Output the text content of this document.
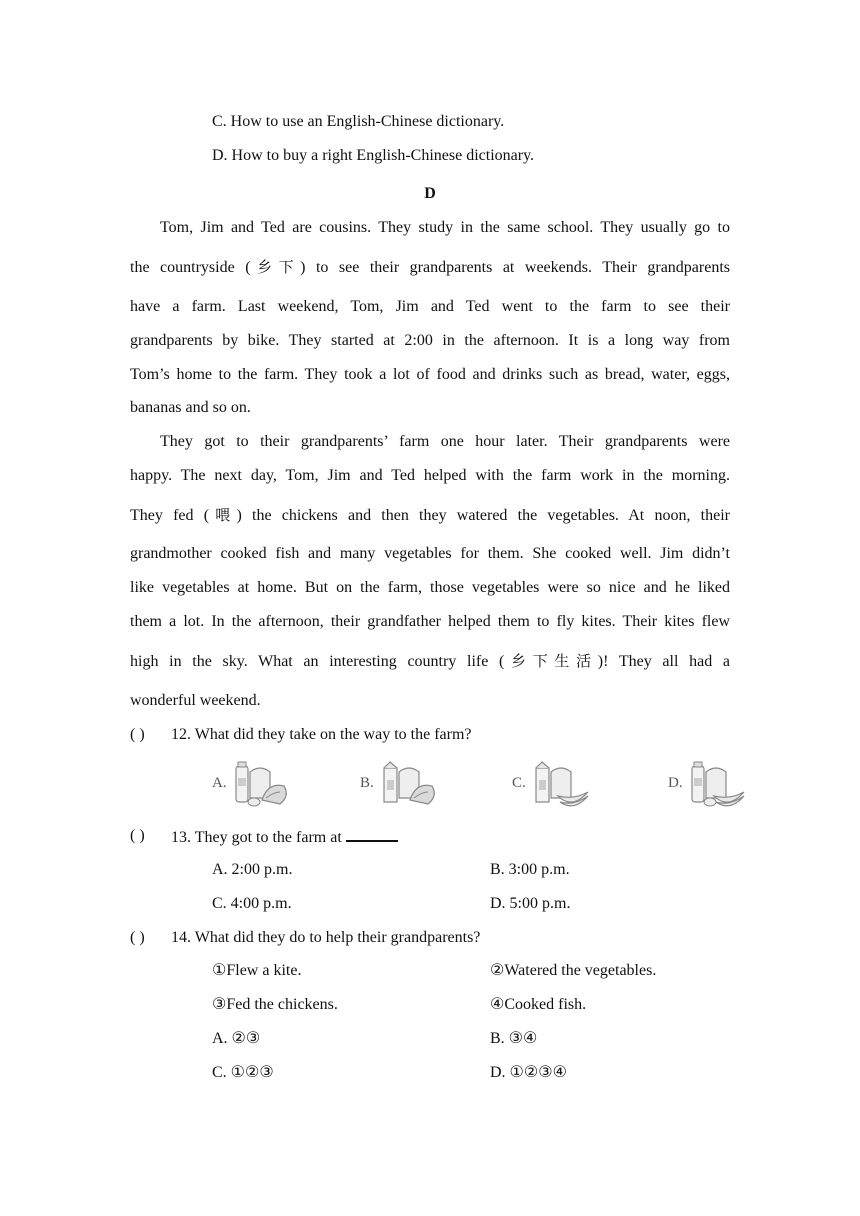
C. How to use an English-Chinese dictionary.
D. How to buy a right English-Chinese dictionary.
D
Tom, Jim and Ted are cousins. They study in the same school. They usually go to
the countryside (乡下) to see their grandparents at weekends. Their grandparents
have a farm. Last weekend, Tom, Jim and Ted went to the farm to see their
grandparents by bike. They started at 2:00 in the afternoon. It is a long way from
Tom’s home to the farm. They took a lot of food and drinks such as bread, water, eggs,
bananas and so on.
They got to their grandparents’ farm one hour later. Their grandparents were
happy. The next day, Tom, Jim and Ted helped with the farm work in the morning.
They fed (喂) the chickens and then they watered the vegetables. At noon, their
grandmother cooked fish and many vegetables for them. She cooked well. Jim didn’t
like vegetables at home. But on the farm, those vegetables were so nice and he liked
them a lot. In the afternoon, their grandfather helped them to fly kites. Their kites flew
high in the sky. What an interesting country life (乡下生活)! They all had a
wonderful weekend.
( ) 12. What did they take on the way to the farm?
A.	B.	C.	D.
( ) 13. They got to the farm at
A. 2:00 p.m.	B. 3:00 p.m.
C. 4:00 p.m.	D. 5:00 p.m.
( ) 14. What did they do to help their grandparents?
①Flew a kite.	②Watered the vegetables.
③Fed the chickens.	④Cooked fish.
A. ②③	B. ③④
C. ①②③	D. ①②③④
